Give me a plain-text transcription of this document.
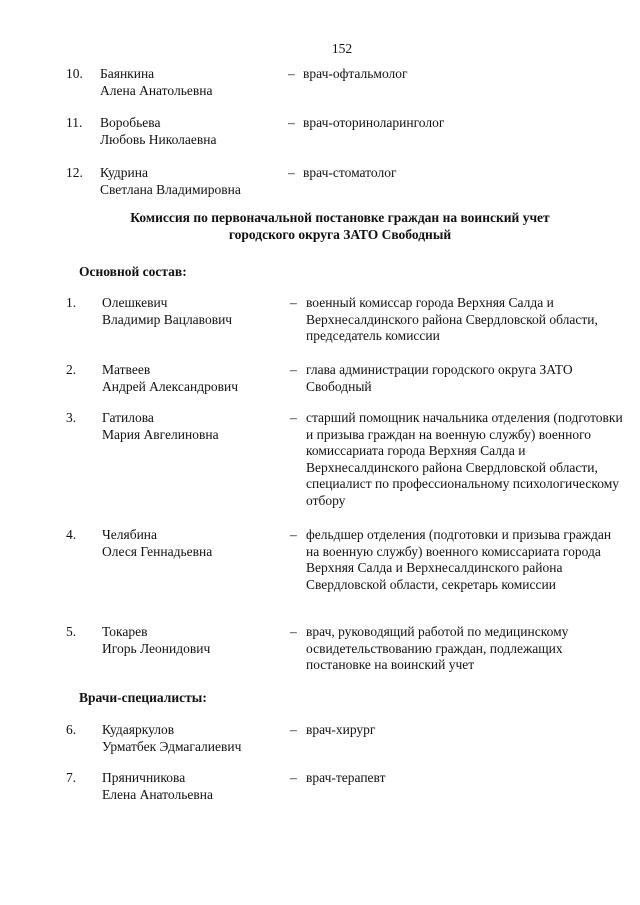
152
10.	Баянкина
Алена Анатольевна
– врач-офтальмолог
11.	Воробьева
Любовь Николаевна
– врач-оториноларинголог
12.	Кудрина
Светлана Владимировна
– врач-стоматолог
Комиссия по первоначальной постановке граждан на воинский учет
городского округа ЗАТО Свободный
Основной состав:
1.	Олешкевич
Владимир Вацлавович
– военный комиссар города Верхняя Салда и Верхнесалдинского района Свердловской области, председатель комиссии
2.	Матвеев
Андрей Александрович
– глава администрации городского округа ЗАТО Свободный
3.	Гатилова
Мария Авгелиновна
– старший помощник начальника отделения (подготовки и призыва граждан на военную службу) военного комиссариата города Верхняя Салда и Верхнесалдинского района Свердловской области, специалист по профессиональному психологическому отбору
4.	Челябина
Олеся Геннадьевна
– фельдшер отделения (подготовки и призыва граждан на военную службу) военного комиссариата города Верхняя Салда и Верхнесалдинского района Свердловской области, секретарь комиссии
5.	Токарев
Игорь Леонидович
– врач, руководящий работой по медицинскому освидетельствованию граждан, подлежащих постановке на воинский учет
Врачи-специалисты:
6.	Кудаяркулов
Урматбек Эдмагалиевич
– врач-хирург
7.	Пряничникова
Елена Анатольевна
– врач-терапевт
